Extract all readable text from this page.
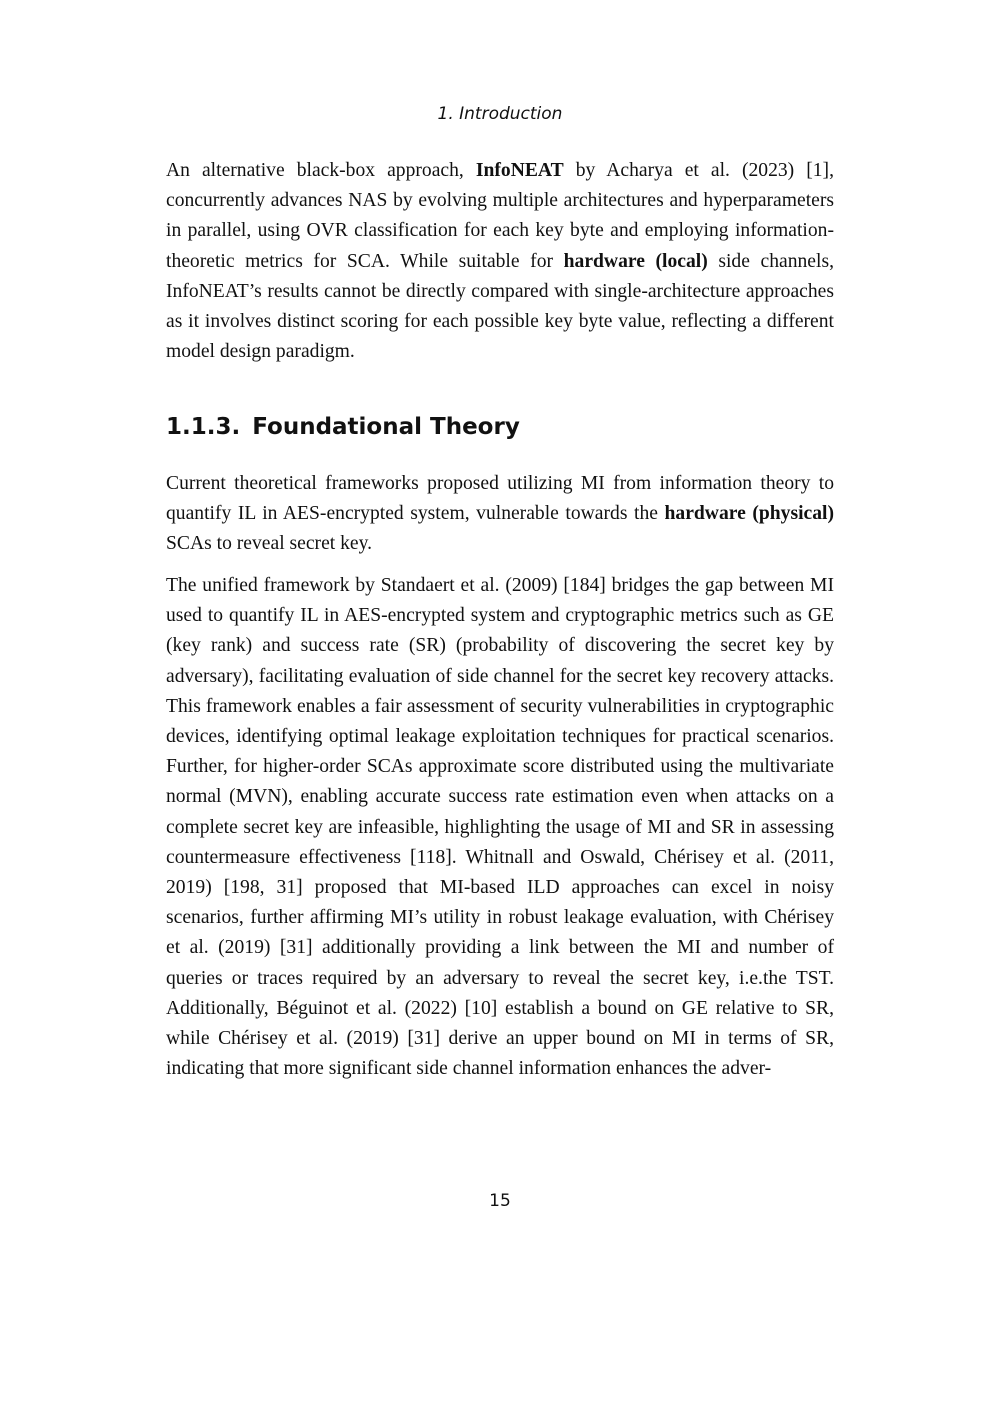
1. Introduction

An alternative black-box approach, InfoNEAT by Acharya et al. (2023) [1], concurrently advances NAS by evolving multiple architectures and hyperparameters in parallel, using OVR classification for each key byte and employing information-theoretic metrics for SCA. While suitable for hardware (local) side channels, InfoNEAT’s results cannot be directly compared with single-architecture approaches as it involves distinct scoring for each possible key byte value, reflecting a different model design paradigm.

1.1.3. Foundational Theory

Current theoretical frameworks proposed utilizing MI from information theory to quantify IL in AES-encrypted system, vulnerable towards the hardware (physical) SCAs to reveal secret key.

The unified framework by Standaert et al. (2009) [184] bridges the gap between MI used to quantify IL in AES-encrypted system and cryptographic metrics such as GE (key rank) and success rate (SR) (probability of discovering the secret key by adversary), facilitating evaluation of side channel for the secret key recovery attacks. This framework enables a fair assessment of security vulnerabilities in cryptographic devices, identifying optimal leakage exploitation techniques for practical scenarios. Further, for higher-order SCAs approximate score distributed using the multivariate normal (MVN), enabling accurate success rate estimation even when attacks on a complete secret key are infeasible, highlighting the usage of MI and SR in assessing countermeasure effectiveness [118]. Whitnall and Oswald, Chérisey et al. (2011, 2019) [198, 31] proposed that MI-based ILD approaches can excel in noisy scenarios, further affirming MI’s utility in robust leakage evaluation, with Chérisey et al. (2019) [31] additionally providing a link between the MI and number of queries or traces required by an adversary to reveal the secret key, i.e.the TST. Additionally, Béguinot et al. (2022) [10] establish a bound on GE relative to SR, while Chérisey et al. (2019) [31] derive an upper bound on MI in terms of SR, indicating that more significant side channel information enhances the adver-

15
